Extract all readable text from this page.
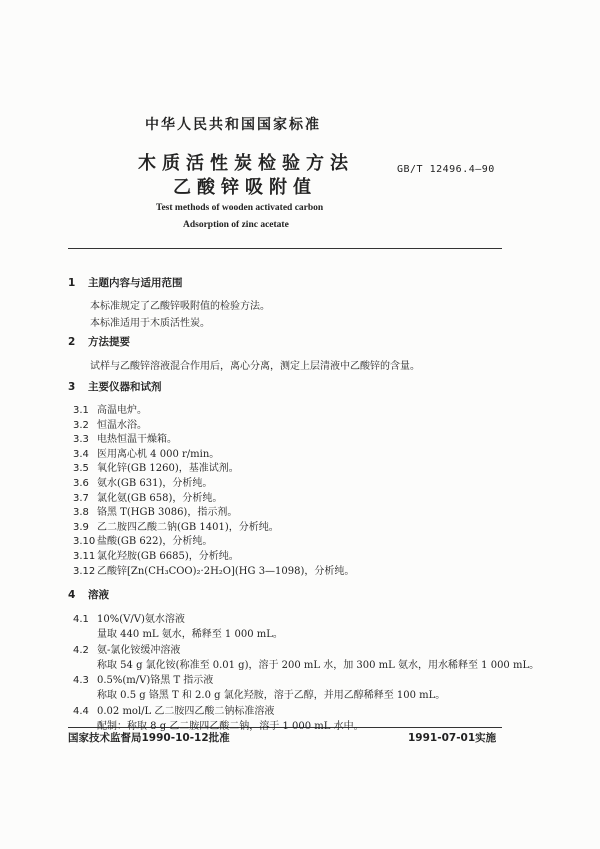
中华人民共和国国家标准
木质活性炭检验方法
乙酸锌吸附值
GB/T 12496.4—90
Test methods of wooden activated carbon
Adsorption of zinc acetate
1 主题内容与适用范围
本标准规定了乙酸锌吸附值的检验方法。
本标准适用于木质活性炭。
2 方法提要
试样与乙酸锌溶液混合作用后，离心分离，测定上层清液中乙酸锌的含量。
3 主要仪器和试剂
4 溶液
国家技术监督局1990-10-12批准	1991-07-01实施
3.1 高温电炉。
3.2 恒温水浴。
3.3 电热恒温干燥箱。
3.4 医用离心机 4 000 r/min。
3.5 氧化锌(GB 1260)，基准试剂。
3.6 氨水(GB 631)，分析纯。
3.7 氯化氨(GB 658)，分析纯。
3.8 铬黑 T(HGB 3086)，指示剂。
3.9 乙二胺四乙酸二钠(GB 1401)，分析纯。
3.10 盐酸(GB 622)，分析纯。
3.11 氯化羟胺(GB 6685)，分析纯。
3.12 乙酸锌[Zn(CH₃COO)₂·2H₂O](HG 3—1098)，分析纯。
4.1 10%(V/V)氨水溶液
量取 440 mL 氨水，稀释至 1 000 mL。
4.2 氨-氯化铵缓冲溶液
称取 54 g 氯化铵(称准至 0.01 g)，溶于 200 mL 水，加 300 mL 氨水，用水稀释至 1 000 mL。
4.3 0.5%(m/V)铬黑 T 指示液
称取 0.5 g 铬黑 T 和 2.0 g 氯化羟胺，溶于乙醇，并用乙醇稀释至 100 mL。
4.4 0.02 mol/L 乙二胺四乙酸二钠标准溶液
配制：称取 8 g 乙二胺四乙酸二钠，溶于 1 000 mL 水中。
